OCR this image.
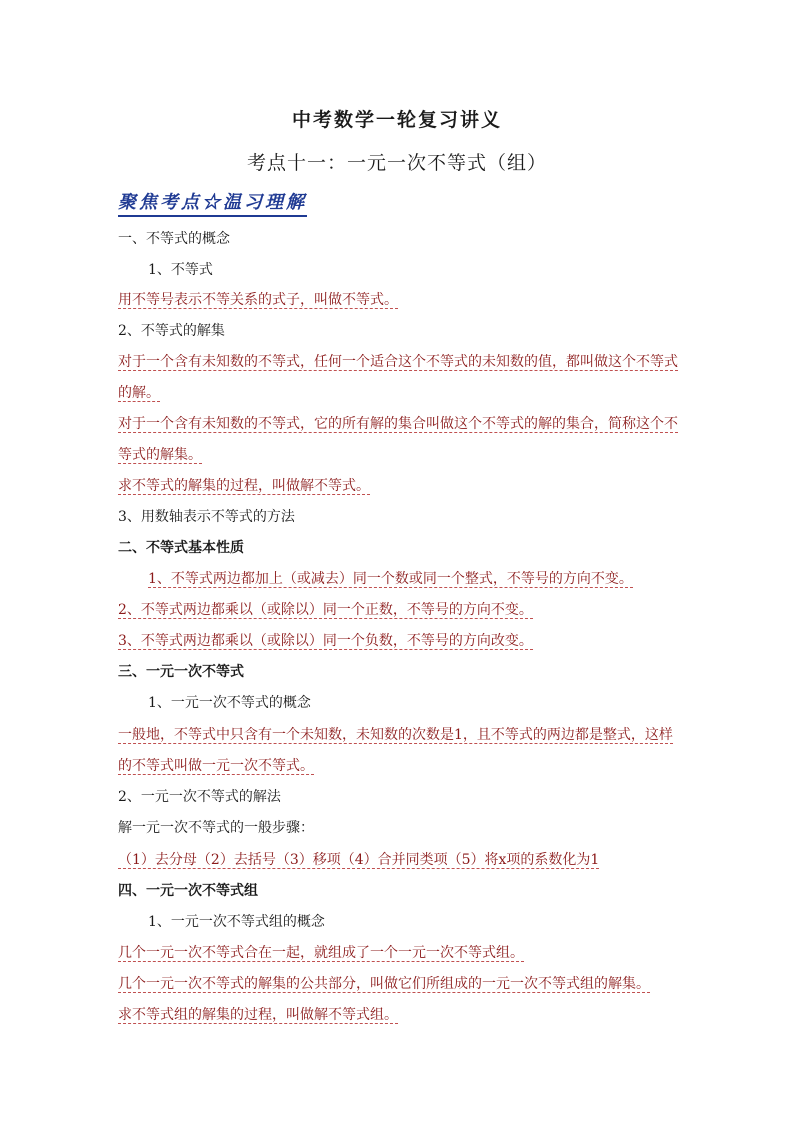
中考数学一轮复习讲义
考点十一：一元一次不等式（组）
聚焦考点☆温习理解
一、不等式的概念
1、不等式
用不等号表示不等关系的式子，叫做不等式。
2、不等式的解集
对于一个含有未知数的不等式，任何一个适合这个不等式的未知数的值，都叫做这个不等式
的解。
对于一个含有未知数的不等式，它的所有解的集合叫做这个不等式的解的集合，简称这个不
等式的解集。
求不等式的解集的过程，叫做解不等式。
3、用数轴表示不等式的方法
二、不等式基本性质
1、不等式两边都加上（或减去）同一个数或同一个整式，不等号的方向不变。
2、不等式两边都乘以（或除以）同一个正数，不等号的方向不变。
3、不等式两边都乘以（或除以）同一个负数，不等号的方向改变。
三、一元一次不等式
1、一元一次不等式的概念
一般地，不等式中只含有一个未知数，未知数的次数是1，且不等式的两边都是整式，这样
的不等式叫做一元一次不等式。
2、一元一次不等式的解法
解一元一次不等式的一般步骤：
（1）去分母（2）去括号（3）移项（4）合并同类项（5）将x项的系数化为1
四、一元一次不等式组
1、一元一次不等式组的概念
几个一元一次不等式合在一起，就组成了一个一元一次不等式组。
几个一元一次不等式的解集的公共部分，叫做它们所组成的一元一次不等式组的解集。
求不等式组的解集的过程，叫做解不等式组。
